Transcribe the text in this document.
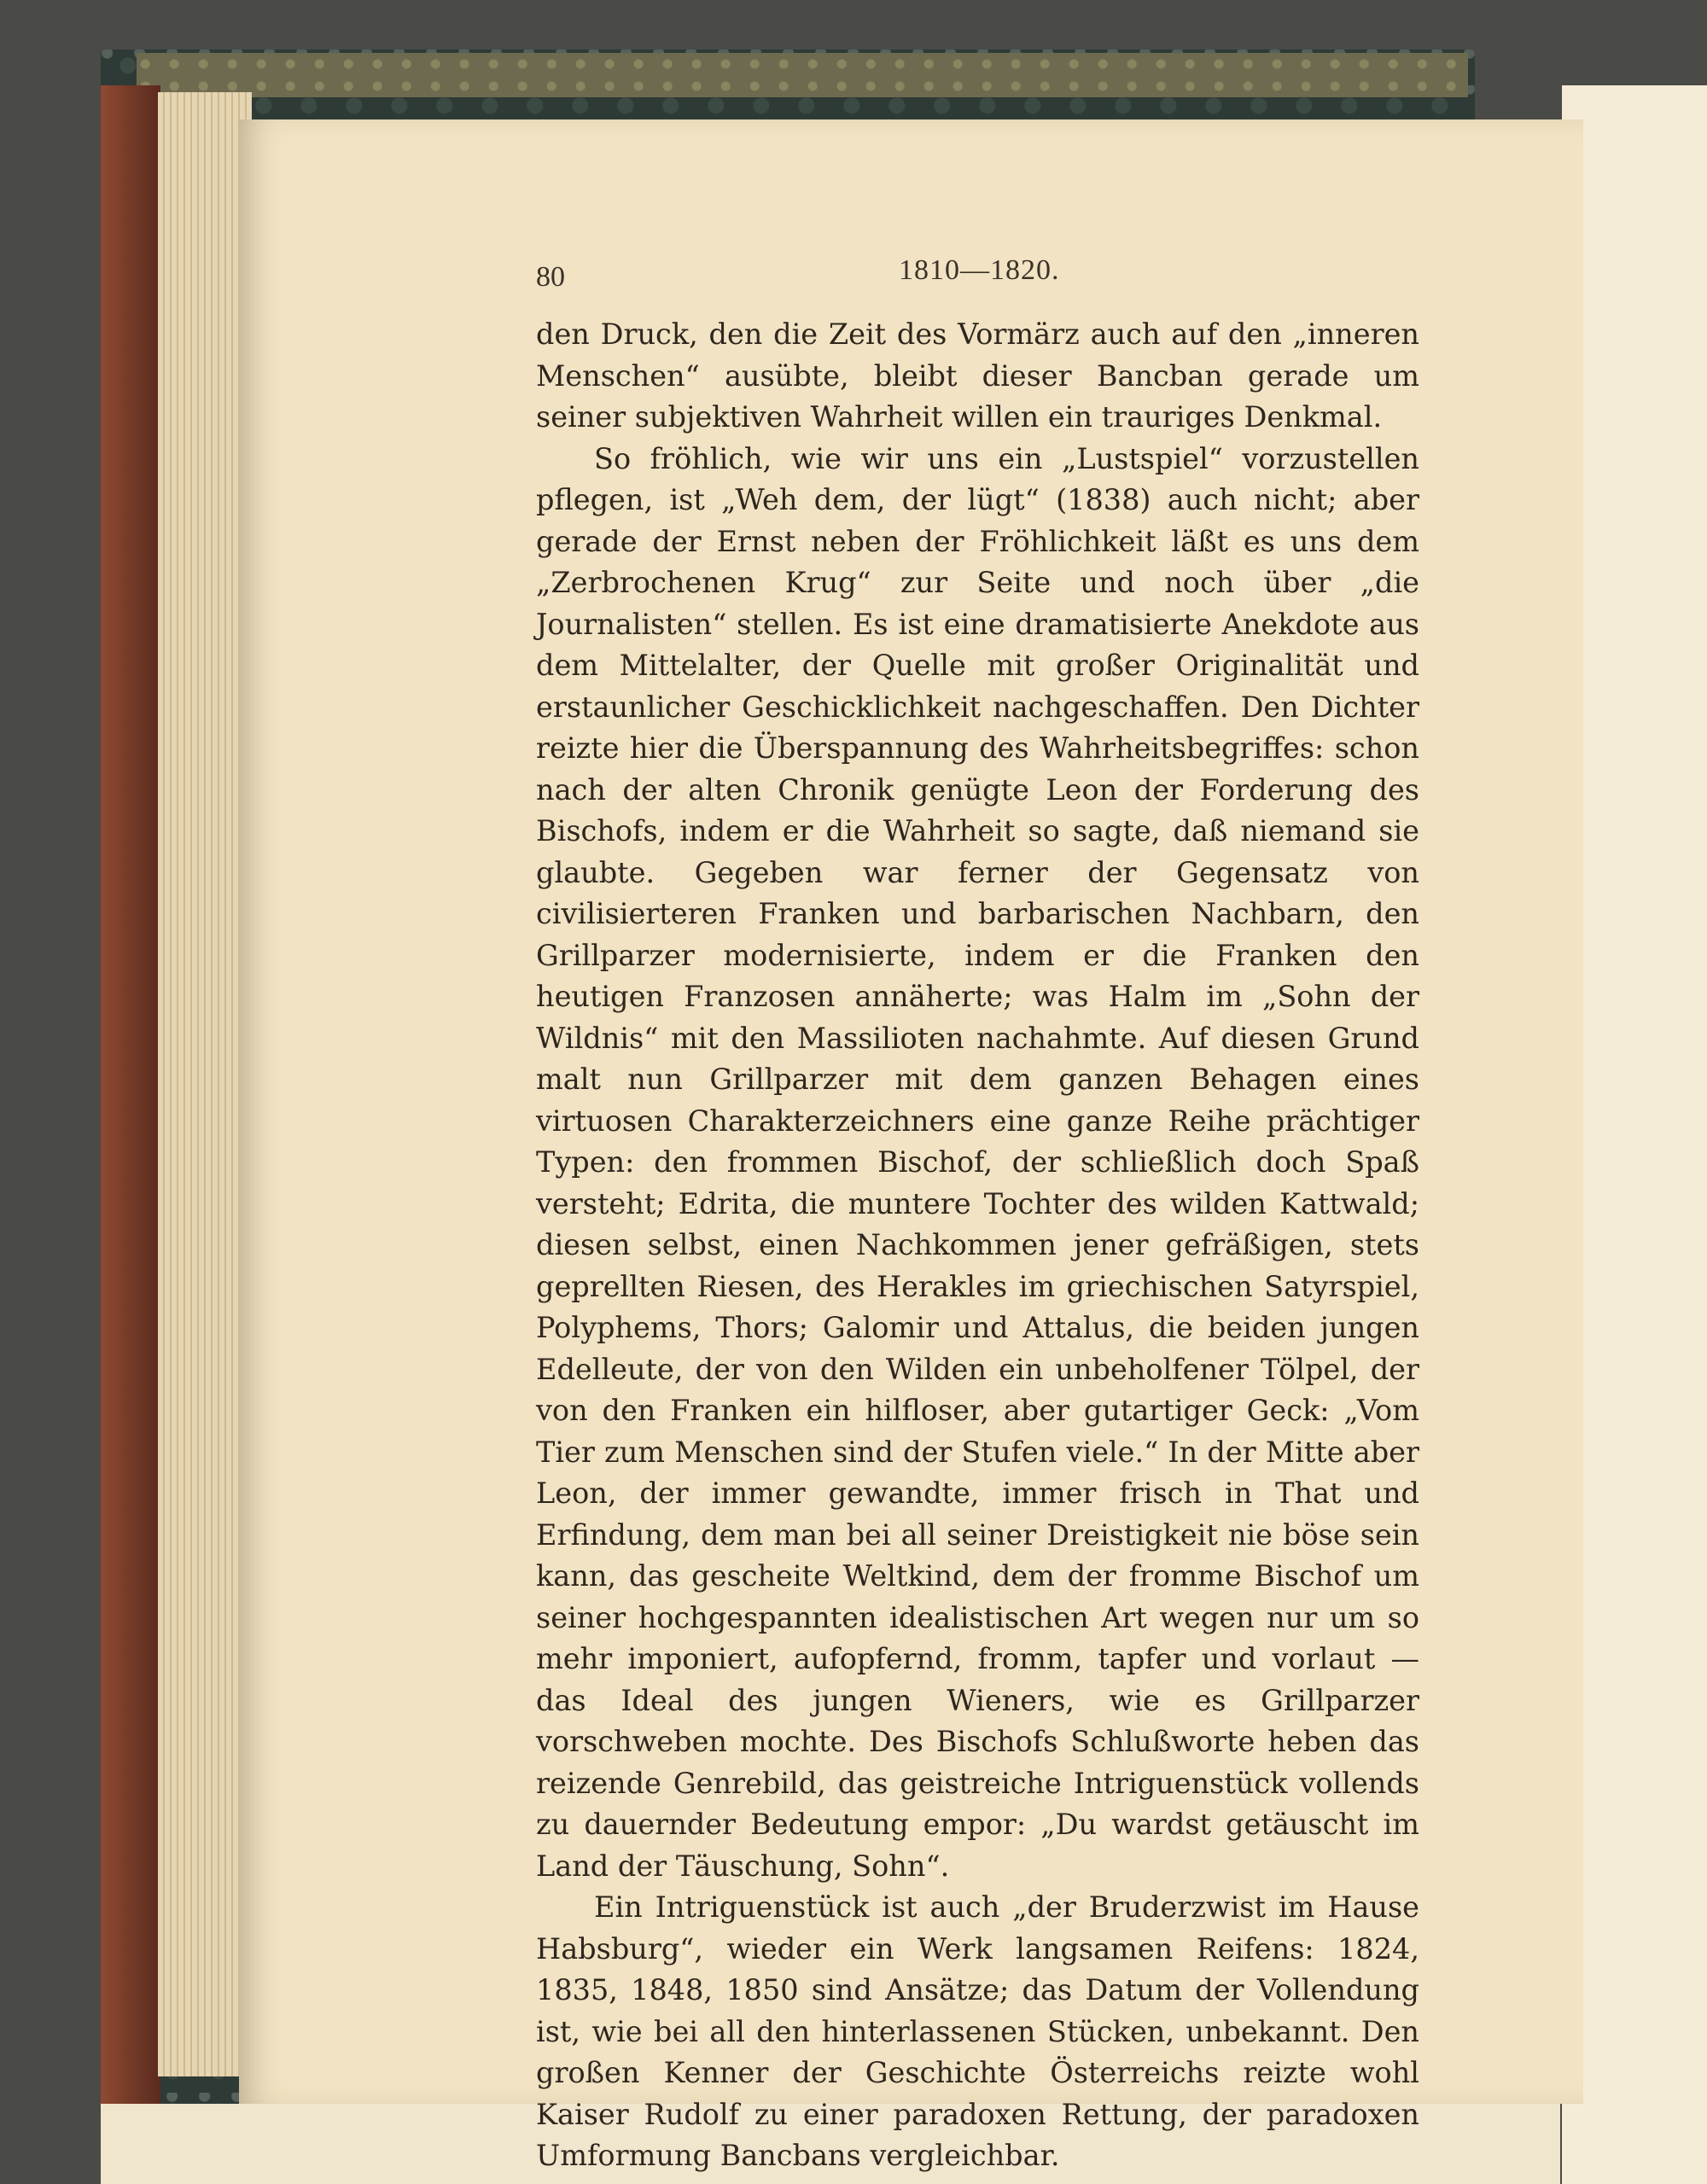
80	1810—1820.

den Druck, den die Zeit des Vormärz auch auf den „inneren Menschen“ ausübte, bleibt dieser Bancban gerade um seiner subjektiven Wahrheit willen ein trauriges Denkmal.

So fröhlich, wie wir uns ein „Lustspiel“ vorzustellen pflegen, ist „Weh dem, der lügt“ (1838) auch nicht; aber gerade der Ernst neben der Fröhlichkeit läßt es uns dem „Zerbrochenen Krug“ zur Seite und noch über „die Journalisten“ stellen. Es ist eine dramatisierte Anekdote aus dem Mittelalter, der Quelle mit großer Originalität und erstaunlicher Geschicklichkeit nachgeschaffen. Den Dichter reizte hier die Überspannung des Wahrheitsbegriffes: schon nach der alten Chronik genügte Leon der Forderung des Bischofs, indem er die Wahrheit so sagte, daß niemand sie glaubte. Gegeben war ferner der Gegensatz von civilisierteren Franken und barbarischen Nachbarn, den Grillparzer modernisierte, indem er die Franken den heutigen Franzosen annäherte; was Halm im „Sohn der Wildnis“ mit den Massilioten nachahmte. Auf diesen Grund malt nun Grillparzer mit dem ganzen Behagen eines virtuosen Charakterzeichners eine ganze Reihe prächtiger Typen: den frommen Bischof, der schließlich doch Spaß versteht; Edrita, die muntere Tochter des wilden Kattwald; diesen selbst, einen Nachkommen jener gefräßigen, stets geprellten Riesen, des Herakles im griechischen Satyrspiel, Polyphems, Thors; Galomir und Attalus, die beiden jungen Edelleute, der von den Wilden ein unbeholfener Tölpel, der von den Franken ein hilfloser, aber gutartiger Geck: „Vom Tier zum Menschen sind der Stufen viele.“ In der Mitte aber Leon, der immer gewandte, immer frisch in That und Erfindung, dem man bei all seiner Dreistigkeit nie böse sein kann, das gescheite Weltkind, dem der fromme Bischof um seiner hochgespannten idealistischen Art wegen nur um so mehr imponiert, aufopfernd, fromm, tapfer und vorlaut — das Ideal des jungen Wieners, wie es Grillparzer vorschweben mochte. Des Bischofs Schlußworte heben das reizende Genrebild, das geistreiche Intriguenstück vollends zu dauernder Bedeutung empor: „Du wardst getäuscht im Land der Täuschung, Sohn“.

Ein Intriguenstück ist auch „der Bruderzwist im Hause Habsburg“, wieder ein Werk langsamen Reifens: 1824, 1835, 1848, 1850 sind Ansätze; das Datum der Vollendung ist, wie bei all den hinterlassenen Stücken, unbekannt. Den großen Kenner der Geschichte Österreichs reizte wohl Kaiser Rudolf zu einer paradoxen Rettung, der paradoxen Umformung Bancbans vergleichbar.
